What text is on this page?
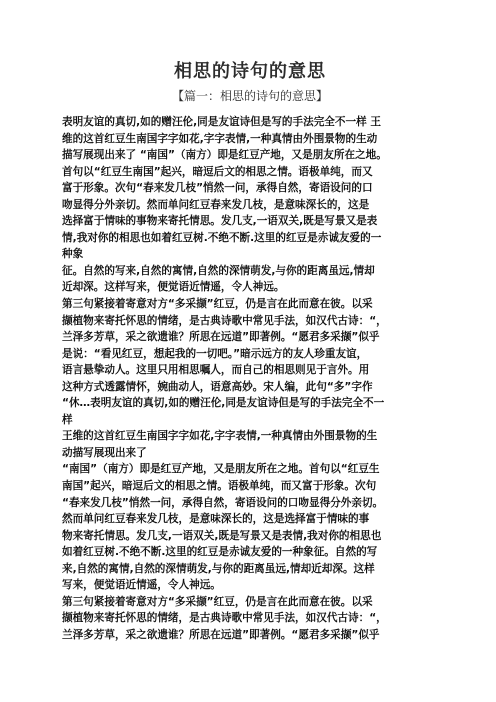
相思的诗句的意思
【篇一：相思的诗句的意思】
表明友谊的真切,如的赠汪伦,同是友谊诗但是写的手法完全不一样 王
维的这首红豆生南国字字如花,字字表情,一种真情由外围景物的生动
描写展现出来了 “南国”（南方）即是红豆产地，又是朋友所在之地。
首句以“红豆生南国”起兴，暗逗后文的相思之情。语极单纯，而又
富于形象。次句“春来发几枝”悄然一问，承得自然，寄语设问的口
吻显得分外亲切。然而单问红豆春来发几枝，是意味深长的，这是
选择富于情味的事物来寄托情思。发几支,一语双关,既是写景又是表
情,我对你的相思也如着红豆树.不绝不断.这里的红豆是赤诚友爱的一
种象
征。自然的写来,自然的寓情,自然的深情萌发,与你的距离虽远,情却
近却深。这样写来，便觉语近情遥，令人神远。
第三句紧接着寄意对方“多采撷”红豆，仍是言在此而意在彼。以采
撷植物来寄托怀思的情绪，是古典诗歌中常见手法，如汉代古诗：“，
兰泽多芳草，采之欲遗谁？所思在远道”即著例。“愿君多采撷”似乎
是说：“看见红豆，想起我的一切吧。”暗示远方的友人珍重友谊，
语言悬挚动人。这里只用相思嘱人，而自己的相思则见于言外。用
这种方式透露情怀，婉曲动人，语意高妙。宋人编，此句“多”字作
“休…表明友谊的真切,如的赠汪伦,同是友谊诗但是写的手法完全不一
样
王维的这首红豆生南国字字如花,字字表情,一种真情由外围景物的生
动描写展现出来了
“南国”（南方）即是红豆产地，又是朋友所在之地。首句以“红豆生
南国”起兴，暗逗后文的相思之情。语极单纯，而又富于形象。次句
“春来发几枝”悄然一问，承得自然，寄语设问的口吻显得分外亲切。
然而单问红豆春来发几枝，是意味深长的，这是选择富于情味的事
物来寄托情思。发几支,一语双关,既是写景又是表情,我对你的相思也
如着红豆树.不绝不断.这里的红豆是赤诚友爱的一种象征。自然的写
来,自然的寓情,自然的深情萌发,与你的距离虽远,情却近却深。这样
写来，便觉语近情遥，令人神远。
第三句紧接着寄意对方“多采撷”红豆，仍是言在此而意在彼。以采
撷植物来寄托怀思的情绪，是古典诗歌中常见手法，如汉代古诗：“，
兰泽多芳草，采之欲遗谁？所思在远道”即著例。“愿君多采撷”似乎
